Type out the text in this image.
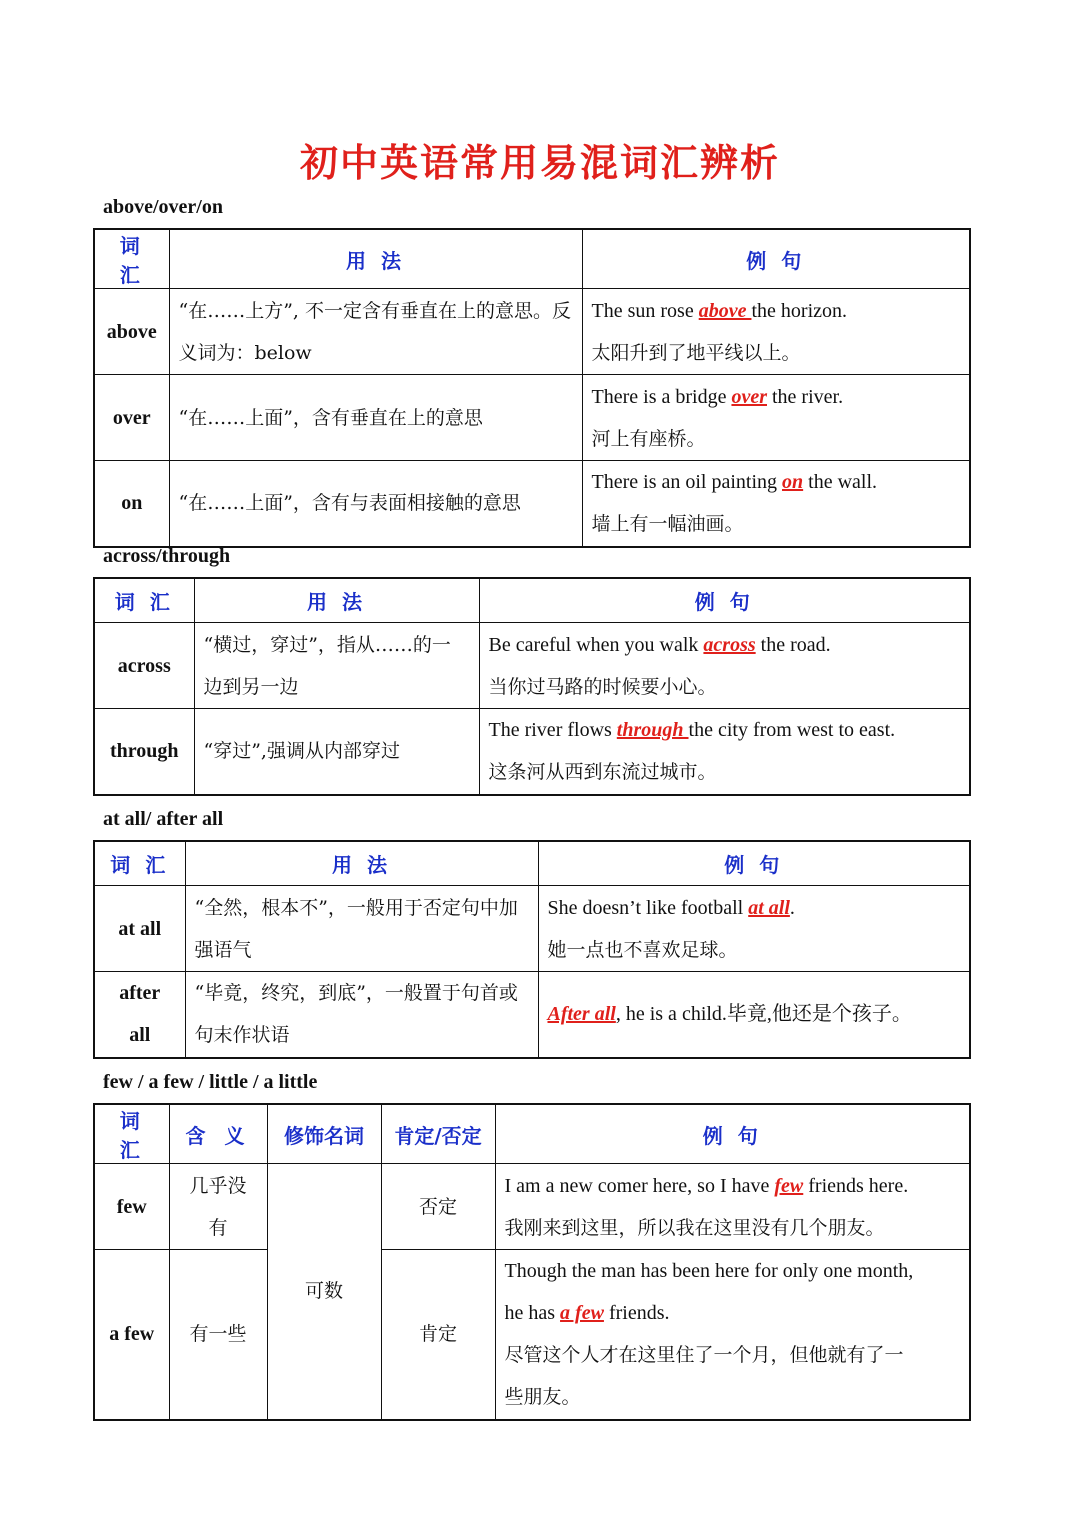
初中英语常用易混词汇辨析
above/over/on
词 汇	用 法	例 句
above	“在……上方”, 不一定含有垂直在上的意思。反义词为：below	The sun rose above the horizon.
太阳升到了地平线以上。

over	“在……上面”，含有垂直在上的意思	There is a bridge over the river.
河上有座桥。

on	“在……上面”，含有与表面相接触的意思	There is an oil painting on the wall.
墙上有一幅油画。
across/through
词 汇	用 法	例 句
across	“横过，穿过”，指从……的一边到另一边	Be careful when you walk across the road.
当你过马路的时候要小心。

through	“穿过”,强调从内部穿过	The river flows through the city from west to east.
这条河从西到东流过城市。
at all/ after all
词 汇	用 法	例 句
at all	“全然，根本不”，一般用于否定句中加强语气	She doesn’t like football at all.
她一点也不喜欢足球。

after
all	“毕竟，终究，到底”，一般置于句首或句末作状语	After all, he is a child.毕竟,他还是个孩子。
few / a few / little / a little
词 汇	含 义	修饰名词	肯定/否定	例 句
few	几乎没
有	可数	否定	I am a new comer here, so I have few friends here.
我刚来到这里，所以我在这里没有几个朋友。

a few	有一些		肯定	Though the man has been here for only one month,
he has a few friends.
尽管这个人才在这里住了一个月，但他就有了一
些朋友。
